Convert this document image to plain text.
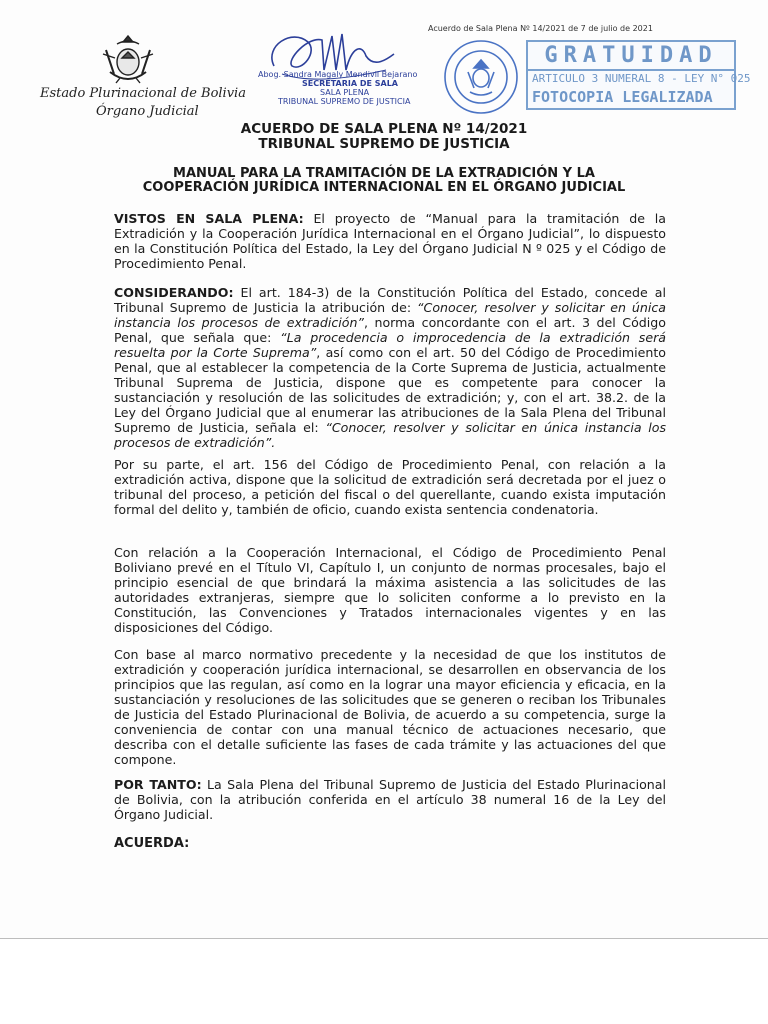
Acuerdo de Sala Plena Nº 14/2021 de 7 de julio de 2021
Estado Plurinacional de Bolivia
Órgano Judicial
Abog. Sandra Magaly Mendivil Bejarano
SECRETARIA DE SALA
SALA PLENA
TRIBUNAL SUPREMO DE JUSTICIA
GRATUIDAD
ARTICULO 3 NUMERAL 8 - LEY N° 025
FOTOCOPIA LEGALIZADA
ACUERDO DE SALA PLENA Nº 14/2021
TRIBUNAL SUPREMO DE JUSTICIA
MANUAL PARA LA TRAMITACIÓN DE LA EXTRADICIÓN Y LA
COOPERACIÓN JURÍDICA INTERNACIONAL EN EL ÓRGANO JUDICIAL
VISTOS EN SALA PLENA: El proyecto de “Manual para la tramitación de la Extradición y la Cooperación Jurídica Internacional en el Órgano Judicial”, lo dispuesto en la Constitución Política del Estado, la Ley del Órgano Judicial N º 025 y el Código de Procedimiento Penal.
CONSIDERANDO: El art. 184-3) de la Constitución Política del Estado, concede al Tribunal Supremo de Justicia la atribución de: “Conocer, resolver y solicitar en única instancia los procesos de extradición”, norma concordante con el art. 3 del Código Penal, que señala que: “La procedencia o improcedencia de la extradición será resuelta por la Corte Suprema”, así como con el art. 50 del Código de Procedimiento Penal, que al establecer la competencia de la Corte Suprema de Justicia, actualmente Tribunal Suprema de Justicia, dispone que es competente para conocer la sustanciación y resolución de las solicitudes de extradición; y, con el art. 38.2. de la Ley del Órgano Judicial que al enumerar las atribuciones de la Sala Plena del Tribunal Supremo de Justicia, señala el: “Conocer, resolver y solicitar en única instancia los procesos de extradición”.
Por su parte, el art. 156 del Código de Procedimiento Penal, con relación a la extradición activa, dispone que la solicitud de extradición será decretada por el juez o tribunal del proceso, a petición del fiscal o del querellante, cuando exista imputación formal del delito y, también de oficio, cuando exista sentencia condenatoria.
Con relación a la Cooperación Internacional, el Código de Procedimiento Penal Boliviano prevé en el Título VI, Capítulo I, un conjunto de normas procesales, bajo el principio esencial de que brindará la máxima asistencia a las solicitudes de las autoridades extranjeras, siempre que lo soliciten conforme a lo previsto en la Constitución, las Convenciones y Tratados internacionales vigentes y en las disposiciones del Código.
Con base al marco normativo precedente y la necesidad de que los institutos de extradición y cooperación jurídica internacional, se desarrollen en observancia de los principios que las regulan, así como en la lograr una mayor eficiencia y eficacia, en la sustanciación y resoluciones de las solicitudes que se generen o reciban los Tribunales de Justicia del Estado Plurinacional de Bolivia, de acuerdo a su competencia, surge la conveniencia de contar con una manual técnico de actuaciones necesario, que describa con el detalle suficiente las fases de cada trámite y las actuaciones del que compone.
POR TANTO: La Sala Plena del Tribunal Supremo de Justicia del Estado Plurinacional de Bolivia, con la atribución conferida en el artículo 38 numeral 16 de la Ley del Órgano Judicial.
ACUERDA:
